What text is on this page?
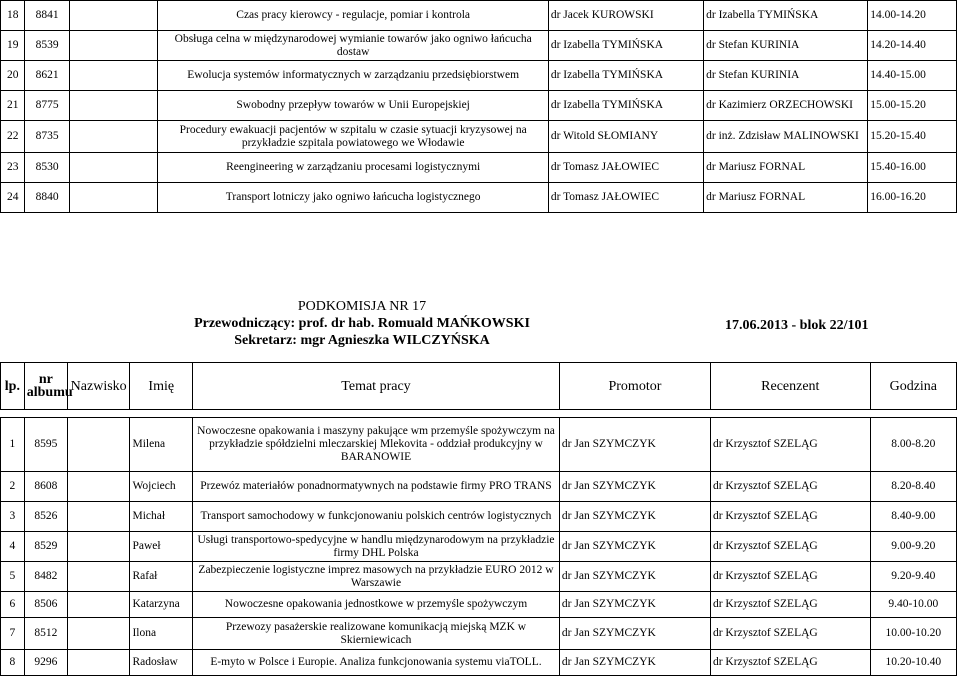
18	8841		Czas pracy kierowcy - regulacje, pomiar i kontrola	dr Jacek KUROWSKI	dr Izabella TYMIŃSKA	14.00-14.20
19	8539		Obsługa celna w międzynarodowej wymianie towarów jako ogniwo łańcucha dostaw	dr Izabella TYMIŃSKA	dr Stefan KURINIA	14.20-14.40
20	8621		Ewolucja systemów informatycznych w zarządzaniu przedsiębiorstwem	dr Izabella TYMIŃSKA	dr Stefan KURINIA	14.40-15.00
21	8775		Swobodny przepływ towarów w Unii Europejskiej	dr Izabella TYMIŃSKA	dr Kazimierz ORZECHOWSKI	15.00-15.20
22	8735		Procedury ewakuacji pacjentów w szpitalu w czasie sytuacji kryzysowej na przykładzie szpitala powiatowego we Włodawie	dr Witold SŁOMIANY	dr inż. Zdzisław MALINOWSKI	15.20-15.40
23	8530		Reengineering w zarządzaniu procesami logistycznymi	dr Tomasz JAŁOWIEC	dr Mariusz FORNAL	15.40-16.00
24	8840		Transport lotniczy jako ogniwo łańcucha logistycznego	dr Tomasz JAŁOWIEC	dr Mariusz FORNAL	16.00-16.20
PODKOMISJA NR 17
Przewodniczący: prof. dr hab. Romuald MAŃKOWSKI
Sekretarz: mgr Agnieszka WILCZYŃSKA
17.06.2013 - blok 22/101
lp.	nr albumu	Nazwisko	Imię	Temat pracy	Promotor	Recenzent	Godzina

1	8595		Milena	Nowoczesne opakowania i maszyny pakujące wm przemyśle spożywczym na przykładzie spółdzielni mleczarskiej Mlekovita - oddział produkcyjny w BARANOWIE	dr Jan SZYMCZYK	dr Krzysztof SZELĄG	8.00-8.20
2	8608		Wojciech	Przewóz materiałów ponadnormatywnych na podstawie firmy PRO TRANS	dr Jan SZYMCZYK	dr Krzysztof SZELĄG	8.20-8.40
3	8526		Michał	Transport samochodowy w funkcjonowaniu polskich centrów logistycznych	dr Jan SZYMCZYK	dr Krzysztof SZELĄG	8.40-9.00
4	8529		Paweł	Usługi transportowo-spedycyjne w handlu międzynarodowym na przykładzie firmy DHL Polska	dr Jan SZYMCZYK	dr Krzysztof SZELĄG	9.00-9.20
5	8482		Rafał	Zabezpieczenie logistyczne imprez masowych na przykładzie EURO 2012 w Warszawie	dr Jan SZYMCZYK	dr Krzysztof SZELĄG	9.20-9.40
6	8506		Katarzyna	Nowoczesne opakowania jednostkowe w przemyśle spożywczym	dr Jan SZYMCZYK	dr Krzysztof SZELĄG	9.40-10.00
7	8512		Ilona	Przewozy pasażerskie realizowane komunikacją miejską MZK w Skierniewicach	dr Jan SZYMCZYK	dr Krzysztof SZELĄG	10.00-10.20
8	9296		Radosław	E-myto w Polsce i Europie. Analiza funkcjonowania systemu viaTOLL.	dr Jan SZYMCZYK	dr Krzysztof SZELĄG	10.20-10.40
